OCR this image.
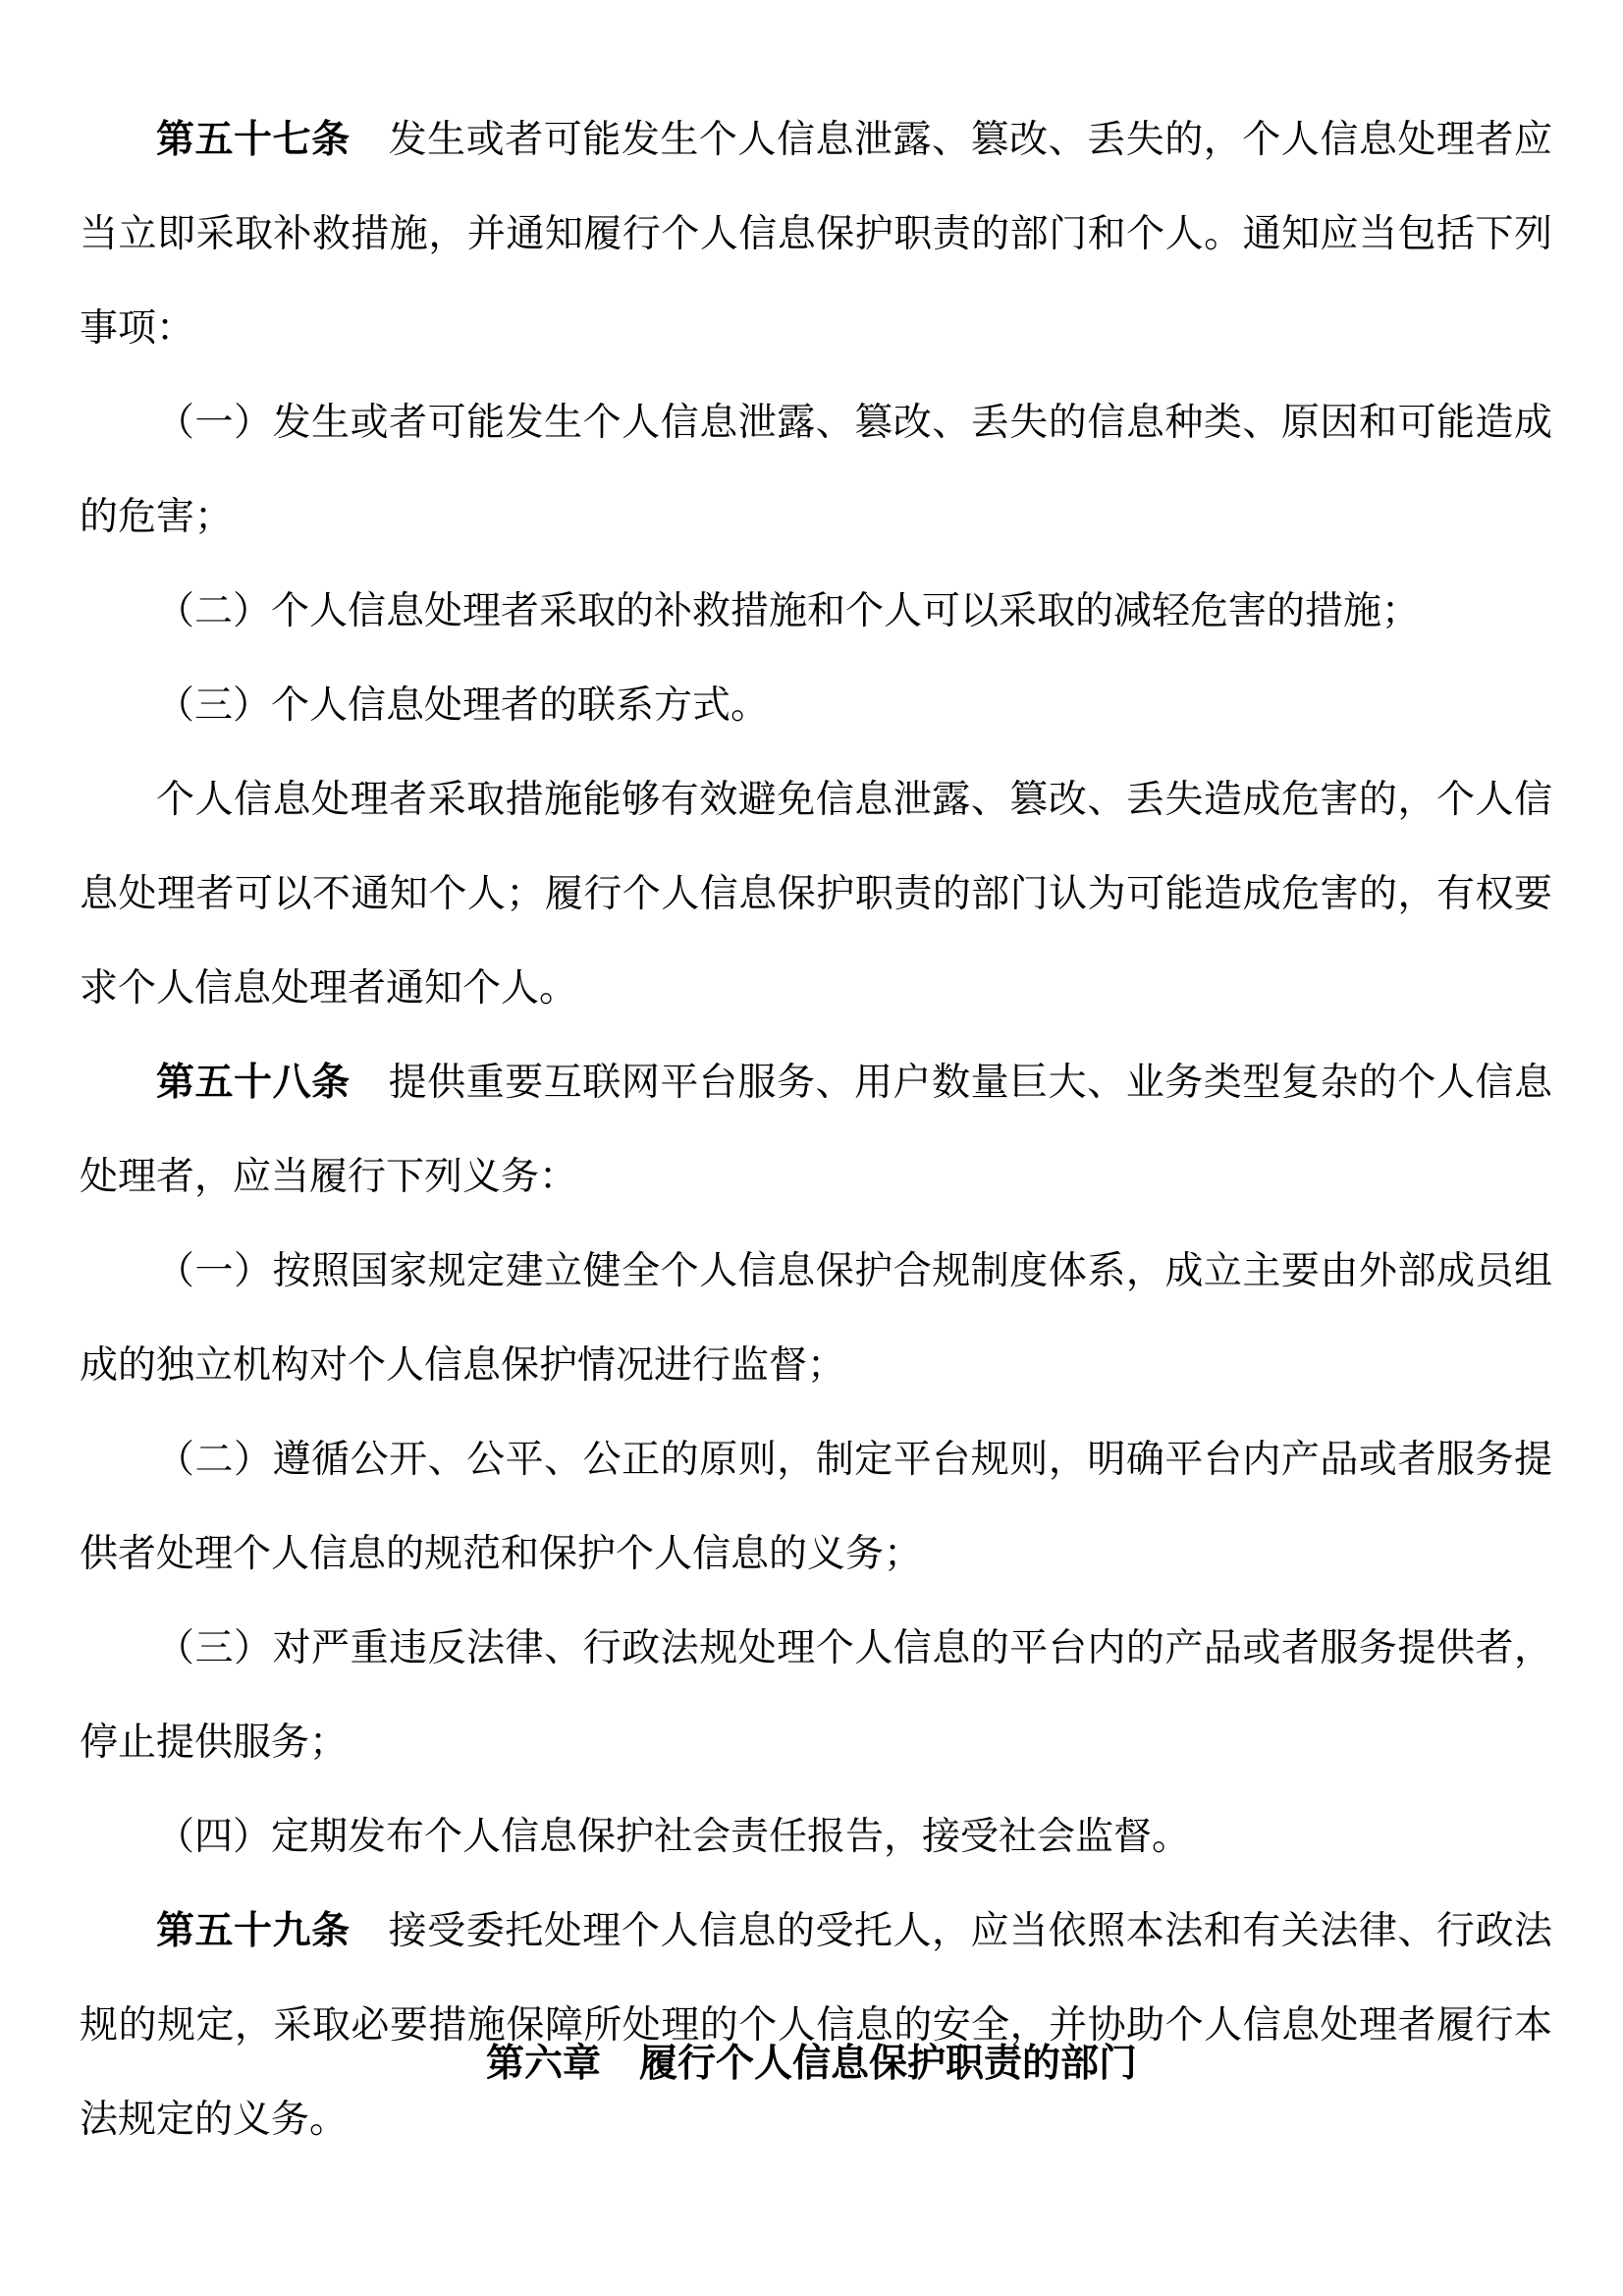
第五十七条 发生或者可能发生个人信息泄露、篡改、丢失的，个人信息处理者应当立即采取补救措施，并通知履行个人信息保护职责的部门和个人。通知应当包括下列事项：

（一）发生或者可能发生个人信息泄露、篡改、丢失的信息种类、原因和可能造成的危害；

（二）个人信息处理者采取的补救措施和个人可以采取的减轻危害的措施；

（三）个人信息处理者的联系方式。

个人信息处理者采取措施能够有效避免信息泄露、篡改、丢失造成危害的，个人信息处理者可以不通知个人；履行个人信息保护职责的部门认为可能造成危害的，有权要求个人信息处理者通知个人。

第五十八条 提供重要互联网平台服务、用户数量巨大、业务类型复杂的个人信息处理者，应当履行下列义务：

（一）按照国家规定建立健全个人信息保护合规制度体系，成立主要由外部成员组成的独立机构对个人信息保护情况进行监督；

（二）遵循公开、公平、公正的原则，制定平台规则，明确平台内产品或者服务提供者处理个人信息的规范和保护个人信息的义务；

（三）对严重违反法律、行政法规处理个人信息的平台内的产品或者服务提供者，停止提供服务；

（四）定期发布个人信息保护社会责任报告，接受社会监督。

第五十九条 接受委托处理个人信息的受托人，应当依照本法和有关法律、行政法规的规定，采取必要措施保障所处理的个人信息的安全，并协助个人信息处理者履行本法规定的义务。

第六章 履行个人信息保护职责的部门
